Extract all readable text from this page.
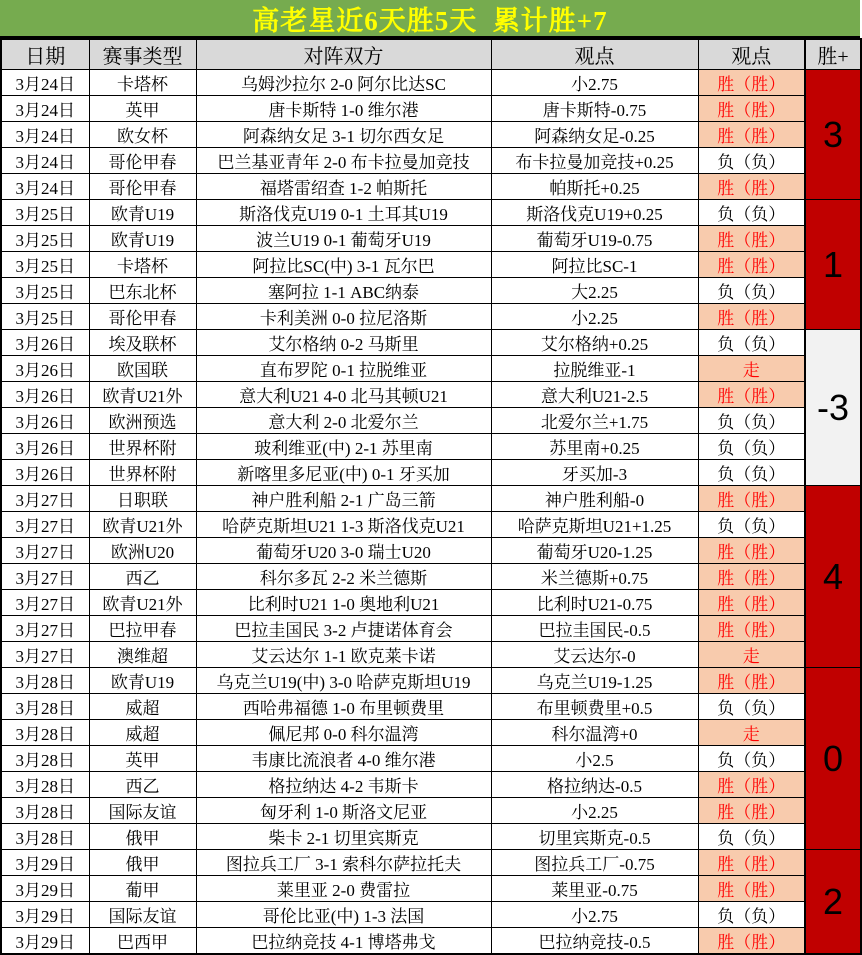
高老星近6天胜5天  累计胜+7
日期	赛事类型	对阵双方	观点	观点	胜+
3月24日	卡塔杯	乌姆沙拉尔 2-0 阿尔比达SC	小2.75	胜（胜）	3
3月24日	英甲	唐卡斯特 1-0 维尔港	唐卡斯特-0.75	胜（胜）	
3月24日	欧女杯	阿森纳女足 3-1 切尔西女足	阿森纳女足-0.25	胜（胜）	
3月24日	哥伦甲春	巴兰基亚青年 2-0 布卡拉曼加竞技	布卡拉曼加竞技+0.25	负（负）	
3月24日	哥伦甲春	福塔雷绍查 1-2 帕斯托	帕斯托+0.25	胜（胜）	
3月25日	欧青U19	斯洛伐克U19 0-1 土耳其U19	斯洛伐克U19+0.25	负（负）	1
3月25日	欧青U19	波兰U19 0-1 葡萄牙U19	葡萄牙U19-0.75	胜（胜）	
3月25日	卡塔杯	阿拉比SC(中) 3-1 瓦尔巴	阿拉比SC-1	胜（胜）	
3月25日	巴东北杯	塞阿拉 1-1 ABC纳泰	大2.25	负（负）	
3月25日	哥伦甲春	卡利美洲 0-0 拉尼洛斯	小2.25	胜（胜）	
3月26日	埃及联杯	艾尔格纳 0-2 马斯里	艾尔格纳+0.25	负（负）	-3
3月26日	欧国联	直布罗陀 0-1 拉脱维亚	拉脱维亚-1	走	
3月26日	欧青U21外	意大利U21 4-0 北马其顿U21	意大利U21-2.5	胜（胜）	
3月26日	欧洲预选	意大利 2-0 北爱尔兰	北爱尔兰+1.75	负（负）	
3月26日	世界杯附	玻利维亚(中) 2-1 苏里南	苏里南+0.25	负（负）	
3月26日	世界杯附	新喀里多尼亚(中) 0-1 牙买加	牙买加-3	负（负）	
3月27日	日职联	神户胜利船 2-1 广岛三箭	神户胜利船-0	胜（胜）	4
3月27日	欧青U21外	哈萨克斯坦U21 1-3 斯洛伐克U21	哈萨克斯坦U21+1.25	负（负）	
3月27日	欧洲U20	葡萄牙U20 3-0 瑞士U20	葡萄牙U20-1.25	胜（胜）	
3月27日	西乙	科尔多瓦 2-2 米兰德斯	米兰德斯+0.75	胜（胜）	
3月27日	欧青U21外	比利时U21 1-0 奥地利U21	比利时U21-0.75	胜（胜）	
3月27日	巴拉甲春	巴拉圭国民 3-2 卢捷诺体育会	巴拉圭国民-0.5	胜（胜）	
3月27日	澳维超	艾云达尔 1-1 欧克莱卡诺	艾云达尔-0	走	
3月28日	欧青U19	乌克兰U19(中) 3-0 哈萨克斯坦U19	乌克兰U19-1.25	胜（胜）	0
3月28日	威超	西哈弗福德 1-0 布里顿费里	布里顿费里+0.5	负（负）	
3月28日	威超	佩尼邦 0-0 科尔温湾	科尔温湾+0	走	
3月28日	英甲	韦康比流浪者 4-0 维尔港	小2.5	负（负）	
3月28日	西乙	格拉纳达 4-2 韦斯卡	格拉纳达-0.5	胜（胜）	
3月28日	国际友谊	匈牙利 1-0 斯洛文尼亚	小2.25	胜（胜）	
3月28日	俄甲	柴卡 2-1 切里宾斯克	切里宾斯克-0.5	负（负）	
3月29日	俄甲	图拉兵工厂 3-1 索科尔萨拉托夫	图拉兵工厂-0.75	胜（胜）	2
3月29日	葡甲	莱里亚 2-0 费雷拉	莱里亚-0.75	胜（胜）	
3月29日	国际友谊	哥伦比亚(中) 1-3 法国	小2.75	负（负）	
3月29日	巴西甲	巴拉纳竞技 4-1 博塔弗戈	巴拉纳竞技-0.5	胜（胜）	
